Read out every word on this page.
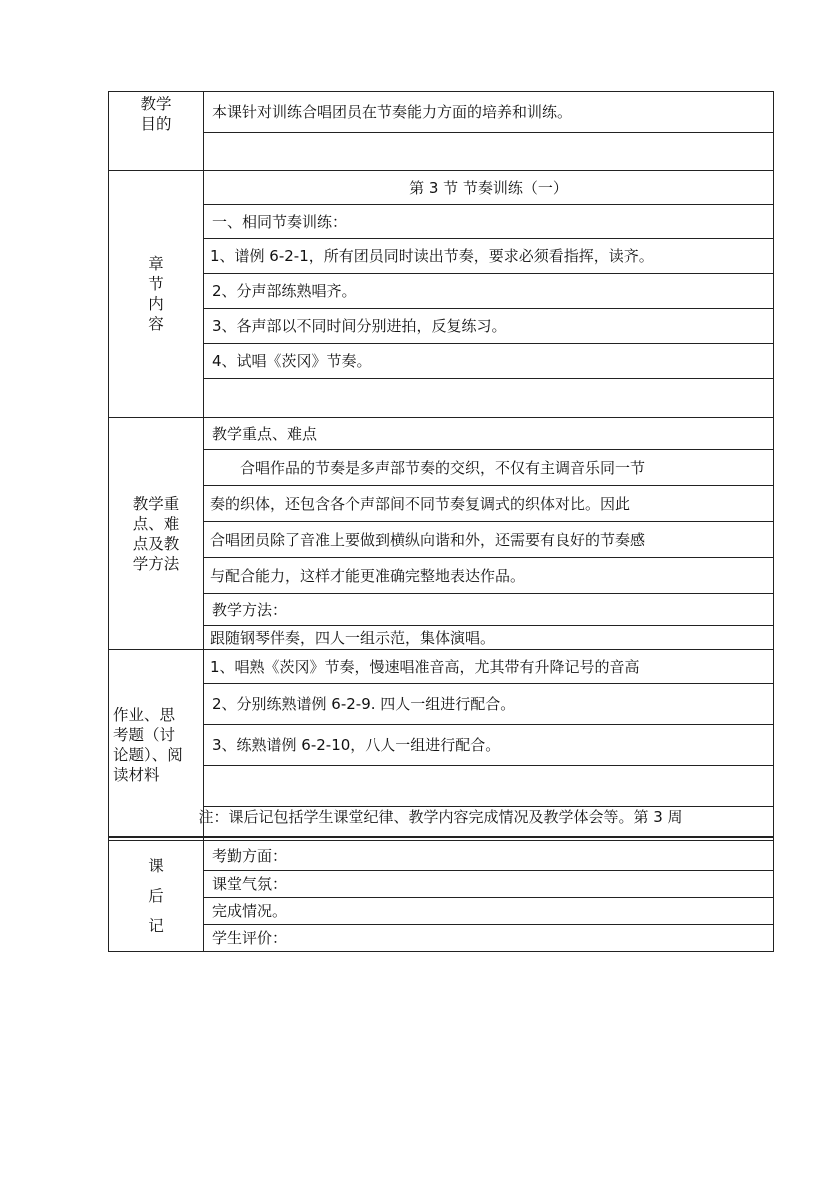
教学
目的	本课针对训练合唱团员在节奏能力方面的培养和训练。

章
节
内
容	第 3 节 节奏训练（一）
	一、相同节奏训练：
	1、谱例 6-2-1，所有团员同时读出节奏，要求必须看指挥，读齐。
	2、分声部练熟唱齐。
	3、各声部以不同时间分别进拍，反复练习。
	4、试唱《茨冈》节奏。

教学重
点、难
点及教
学方法	教学重点、难点
	合唱作品的节奏是多声部节奏的交织，不仅有主调音乐同一节
	奏的织体，还包含各个声部间不同节奏复调式的织体对比。因此
	合唱团员除了音准上要做到横纵向谐和外，还需要有良好的节奏感
	与配合能力，这样才能更准确完整地表达作品。
	教学方法：
	跟随钢琴伴奏，四人一组示范，集体演唱。

作业、思
考题（讨
论题）、阅
读材料	1、唱熟《茨冈》节奏，慢速唱准音高，尤其带有升降记号的音高
	2、分别练熟谱例 6-2-9. 四人一组进行配合。
	3、练熟谱例 6-2-10，八人一组进行配合。

课
后
记	考勤方面：
	课堂气氛：
	完成情况。
	学生评价：
注：课后记包括学生课堂纪律、教学内容完成情况及教学体会等。第 3 周
